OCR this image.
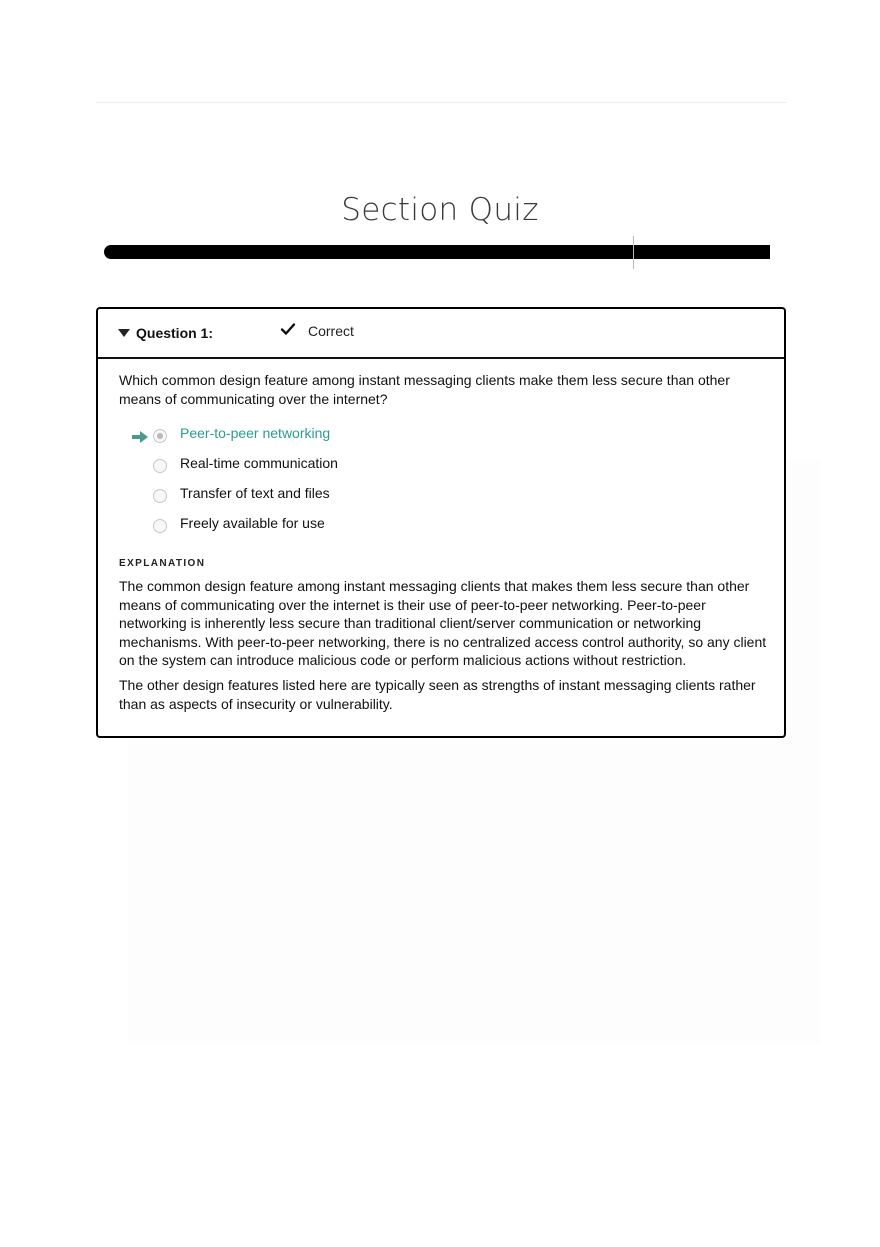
Section Quiz
Question 1:	Correct
Which common design feature among instant messaging clients make them less secure than other means of communicating over the internet?
Peer-to-peer networking
Real-time communication
Transfer of text and files
Freely available for use
EXPLANATION
The common design feature among instant messaging clients that makes them less secure than other means of communicating over the internet is their use of peer-to-peer networking. Peer-to-peer networking is inherently less secure than traditional client/server communication or networking mechanisms. With peer-to-peer networking, there is no centralized access control authority, so any client on the system can introduce malicious code or perform malicious actions without restriction.
The other design features listed here are typically seen as strengths of instant messaging clients rather than as aspects of insecurity or vulnerability.
